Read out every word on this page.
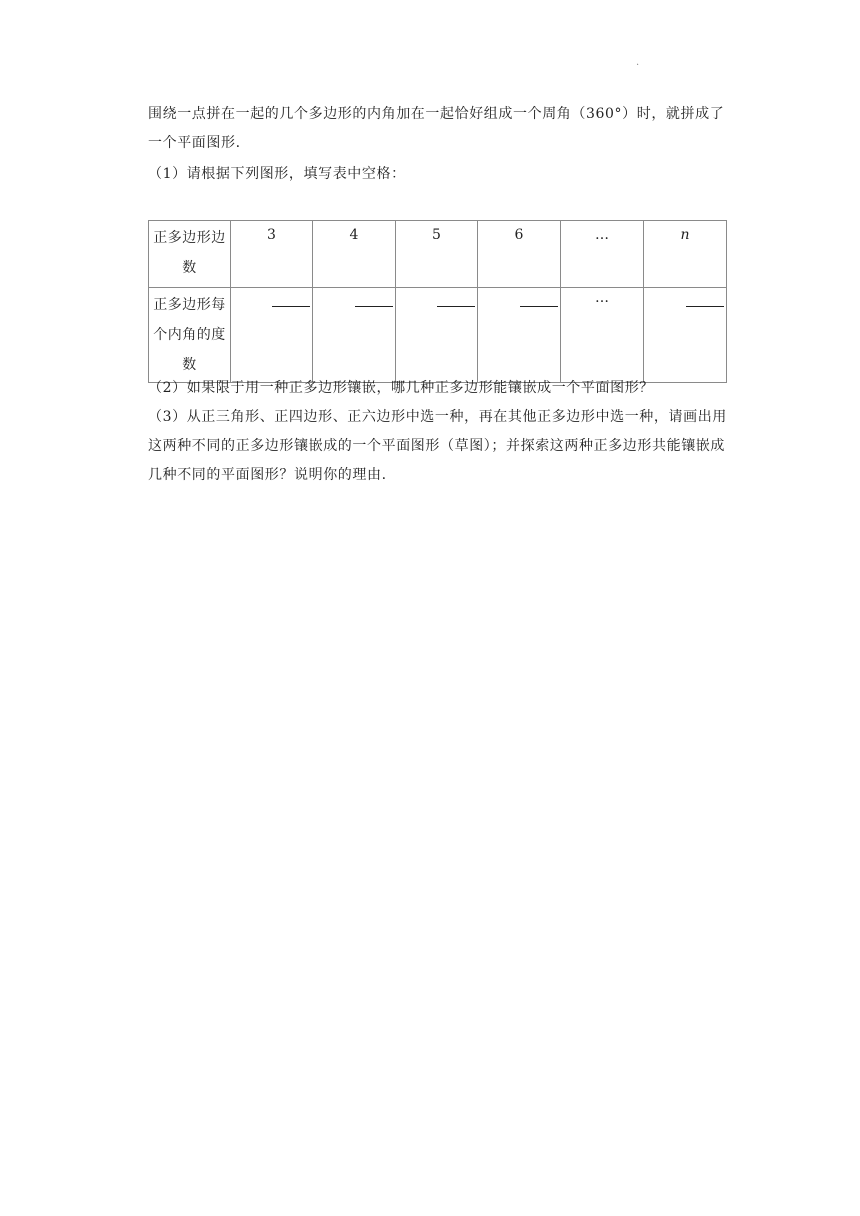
.
围绕一点拼在一起的几个多边形的内角加在一起恰好组成一个周角（360°）时，就拼成了一个平面图形.
（1）请根据下列图形，填写表中空格：
正多边形边数	3	4	5	6	…	n
正多边形每个内角的度数					…	
（2）如果限于用一种正多边形镶嵌，哪几种正多边形能镶嵌成一个平面图形？
（3）从正三角形、正四边形、正六边形中选一种，再在其他正多边形中选一种，请画出用这两种不同的正多边形镶嵌成的一个平面图形（草图）；并探索这两种正多边形共能镶嵌成几种不同的平面图形？说明你的理由.
